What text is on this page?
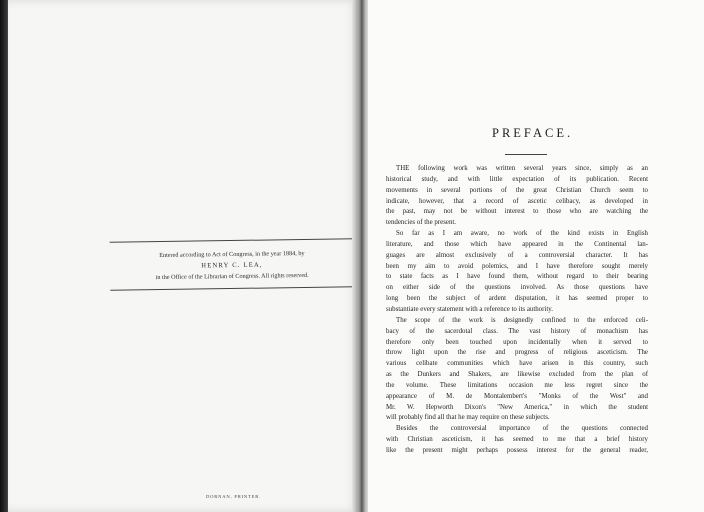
Entered according to Act of Congress, in the year 1884, by
HENRY C. LEA,
in the Office of the Librarian of Congress. All rights reserved.
DORNAN, PRINTER.
PREFACE.
THE following work was written several years since, simply as an
historical study, and with little expectation of its publication. Recent
movements in several portions of the great Christian Church seem to
indicate, however, that a record of ascetic celibacy, as developed in
the past, may not be without interest to those who are watching the
tendencies of the present.
So far as I am aware, no work of the kind exists in English
literature, and those which have appeared in the Continental lan-
guages are almost exclusively of a controversial character. It has
been my aim to avoid polemics, and I have therefore sought merely
to state facts as I have found them, without regard to their bearing
on either side of the questions involved. As those questions have
long been the subject of ardent disputation, it has seemed proper to
substantiate every statement with a reference to its authority.
The scope of the work is designedly confined to the enforced celi-
bacy of the sacerdotal class. The vast history of monachism has
therefore only been touched upon incidentally when it served to
throw light upon the rise and progress of religious asceticism. The
various celibate communities which have arisen in this country, such
as the Dunkers and Shakers, are likewise excluded from the plan of
the volume. These limitations occasion me less regret since the
appearance of M. de Montalembert's "Monks of the West" and
Mr. W. Hepworth Dixon's "New America," in which the student
will probably find all that he may require on these subjects.
Besides the controversial importance of the questions connected
with Christian asceticism, it has seemed to me that a brief history
like the present might perhaps possess interest for the general reader,
